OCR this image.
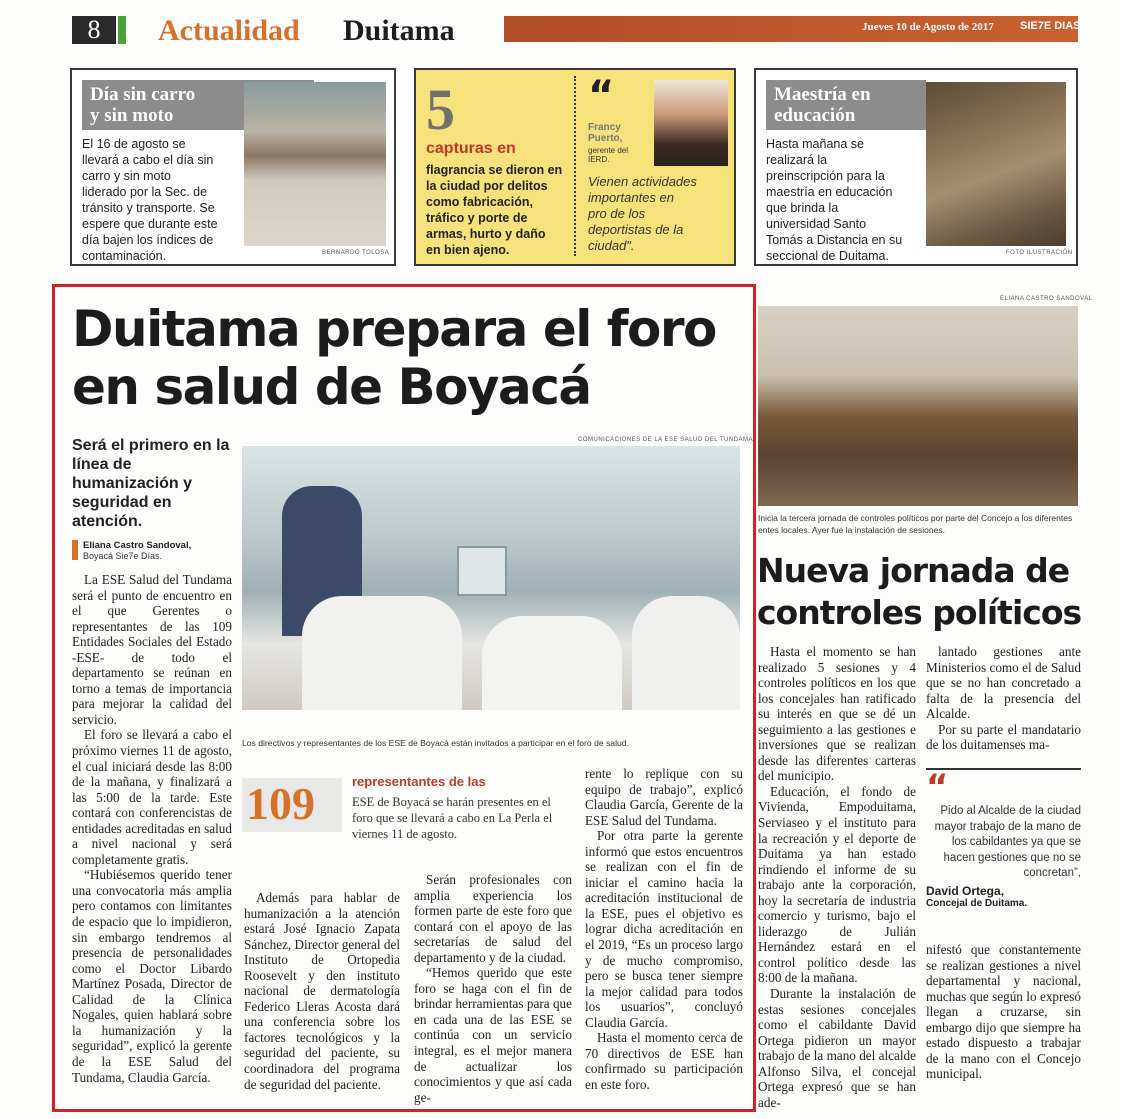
8	Actualidad Duitama	Jueves 10 de Agosto de 2017 SIE7E DIAS
Día sin carro
y sin moto
El 16 de agosto se
llevará a cabo el día sin
carro y sin moto
liderado por la Sec. de
tránsito y transporte. Se
espere que durante este
día bajen los índices de
contaminación.	BERNARDO TOLOSA
5
capturas en
flagrancia se dieron en
la ciudad por delitos
como fabricación,
tráfico y porte de
armas, hurto y daño
en bien ajeno.
“
Francy
Puerto,
gerente del
IERD.
Vienen actividades
importantes en
pro de los
deportistas de la
ciudad".
Maestría en
educación
Hasta mañana se
realizará la
preinscripción para la
maestría en educación
que brinda la
universidad Santo
Tomás a Distancia en su
seccional de Duitama.	FOTO ILUSTRACIÓN
ELIANA CASTRO SANDOVAL
Inicia la tercera jornada de controles políticos por parte del Concejo a los diferentes entes locales. Ayer fue la instalación de sesiones.
Nueva jornada de
controles políticos

Hasta el momento se han realizado 5 sesiones y 4 controles políticos en los que los concejales han ratificado su interés en que se dé un seguimiento a las gestiones e inversiones que se realizan desde las diferentes carteras del municipio.

Educación, el fondo de Vivienda, Empoduitama, Serviaseo y el instituto para la recreación y el deporte de Duitama ya han estado rindiendo el informe de su trabajo ante la corporación, hoy la secretaría de industria comercio y turismo, bajo el liderazgo de Julián Hernández estará en el control político desde las 8:00 de la mañana.

Durante la instalación de estas sesiones concejales como el cabildante David Ortega pidieron un mayor trabajo de la mano del alcalde Alfonso Silva, el concejal Ortega expresó que se han ade-

lantado gestiones ante Ministerios como el de Salud que se no han concretado a falta de la presencia del Alcalde.

Por su parte el mandatario de los duitamenses ma-

“
Pido al Alcalde de la ciudad mayor trabajo de la mano de los cabildantes ya que se hacen gestiones que no se concretan”,
David Ortega,
Concejal de Duitama.

nifestó que constantemente se realizan gestiones a nivel departamental y nacional, muchas que según lo expresó llegan a cruzarse, sin embargo dijo que siempre ha estado dispuesto a trabajar de la mano con el Concejo municipal.

Duitama prepara el foro
en salud de Boyacá
Será el primero en la línea de humanización y seguridad en atención.
Eliana Castro Sandoval,
Boyacá Sie7e Días.

La ESE Salud del Tundama será el punto de encuentro en el que Gerentes o representantes de las 109 Entidades Sociales del Estado -ESE- de todo el departamento se reúnan en torno a temas de importancia para mejorar la calidad del servicio.

El foro se llevará a cabo el próximo viernes 11 de agosto, el cual iniciará desde las 8:00 de la mañana, y finalizará a las 5:00 de la tarde. Este contará con conferencistas de entidades acreditadas en salud a nivel nacional y será completamente gratis.

“Hubiésemos querido tener una convocatoria más amplia pero contamos con limitantes de espacio que lo impidieron, sin embargo tendremos al presencia de personalidades como el Doctor Libardo Martínez Posada, Director de Calidad de la Clínica Nogales, quien hablará sobre la humanización y la seguridad”, explicó la gerente de la ESE Salud del Tundama, Claudia García.

COMUNICACIONES DE LA ESE SALUD DEL TUNDAMA
Los directivos y representantes de los ESE de Boyacá están invitados a participar en el foro de salud.
109	representantes de las
ESE de Boyacá se harán presentes en el foro que se llevará a cabo en La Perla el viernes 11 de agosto.

Además para hablar de humanización a la atención estará José Ignacio Zapata Sánchez, Director general del Instituto de Ortopedia Roosevelt y den instituto nacional de dermatología Federico Lleras Acosta dará una conferencia sobre los factores tecnológicos y la seguridad del paciente, su coordinadora del programa de seguridad del paciente.

Serán profesionales con amplia experiencia los formen parte de este foro que contará con el apoyo de las secretarías de salud del departamento y de la ciudad.

“Hemos querido que este foro se haga con el fin de brindar herramientas para que en cada una de las ESE se continúa con un servicio integral, es el mejor manera de actualizar los conocimientos y que así cada ge-

rente lo replique con su equipo de trabajo”, explicó Claudia García, Gerente de la ESE Salud del Tundama.

Por otra parte la gerente informó que estos encuentros se realizan con el fin de iniciar el camino hacia la acreditación institucional de la ESE, pues el objetivo es lograr dicha acreditación en el 2019, “Es un proceso largo y de mucho compromiso, pero se busca tener siempre la mejor calidad para todos los usuarios”, concluyó Claudia García.

Hasta el momento cerca de 70 directivos de ESE han confirmado su participación en este foro.
